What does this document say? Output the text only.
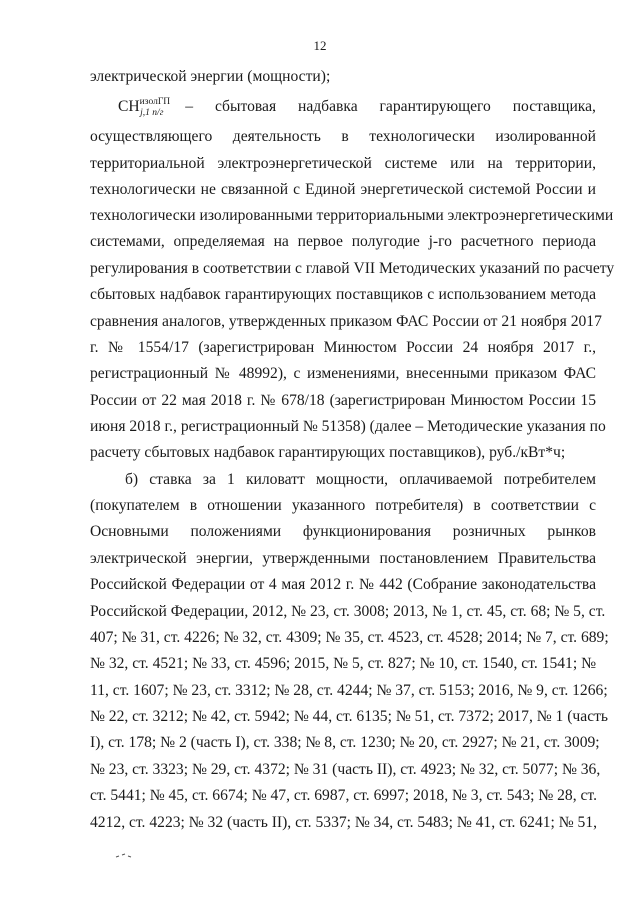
12
электрической энергии (мощности);
$СН^{изолГП}_{j,1 п/г}$ – сбытовая надбавка гарантирующего поставщика,
осуществляющего деятельность в технологически изолированной
территориальной электроэнергетической системе или на территории,
технологически не связанной с Единой энергетической системой России и
технологически изолированными территориальными электроэнергетическими
системами, определяемая на первое полугодие j-го расчетного периода
регулирования в соответствии с главой VII Методических указаний по расчету
сбытовых надбавок гарантирующих поставщиков с использованием метода
сравнения аналогов, утвержденных приказом ФАС России от 21 ноября 2017
г. № 1554/17 (зарегистрирован Минюстом России 24 ноября 2017 г.,
регистрационный № 48992), с изменениями, внесенными приказом ФАС
России от 22 мая 2018 г. № 678/18 (зарегистрирован Минюстом России 15
июня 2018 г., регистрационный № 51358) (далее – Методические указания по
расчету сбытовых надбавок гарантирующих поставщиков), руб./кВт*ч;
б) ставка за 1 киловатт мощности, оплачиваемой потребителем
(покупателем в отношении указанного потребителя) в соответствии с
Основными положениями функционирования розничных рынков
электрической энергии, утвержденными постановлением Правительства
Российской Федерации от 4 мая 2012 г. № 442 (Собрание законодательства
Российской Федерации, 2012, № 23, ст. 3008; 2013, № 1, ст. 45, ст. 68; № 5, ст.
407; № 31, ст. 4226; № 32, ст. 4309; № 35, ст. 4523, ст. 4528; 2014; № 7, ст. 689;
№ 32, ст. 4521; № 33, ст. 4596; 2015, № 5, ст. 827; № 10, ст. 1540, ст. 1541; №
11, ст. 1607; № 23, ст. 3312; № 28, ст. 4244; № 37, ст. 5153; 2016, № 9, ст. 1266;
№ 22, ст. 3212; № 42, ст. 5942; № 44, ст. 6135; № 51, ст. 7372; 2017, № 1 (часть
I), ст. 178; № 2 (часть I), ст. 338; № 8, ст. 1230; № 20, ст. 2927; № 21, ст. 3009;
№ 23, ст. 3323; № 29, ст. 4372; № 31 (часть II), ст. 4923; № 32, ст. 5077; № 36,
ст. 5441; № 45, ст. 6674; № 47, ст. 6987, ст. 6997; 2018, № 3, ст. 543; № 28, ст.
4212, ст. 4223; № 32 (часть II), ст. 5337; № 34, ст. 5483; № 41, ст. 6241; № 51,
